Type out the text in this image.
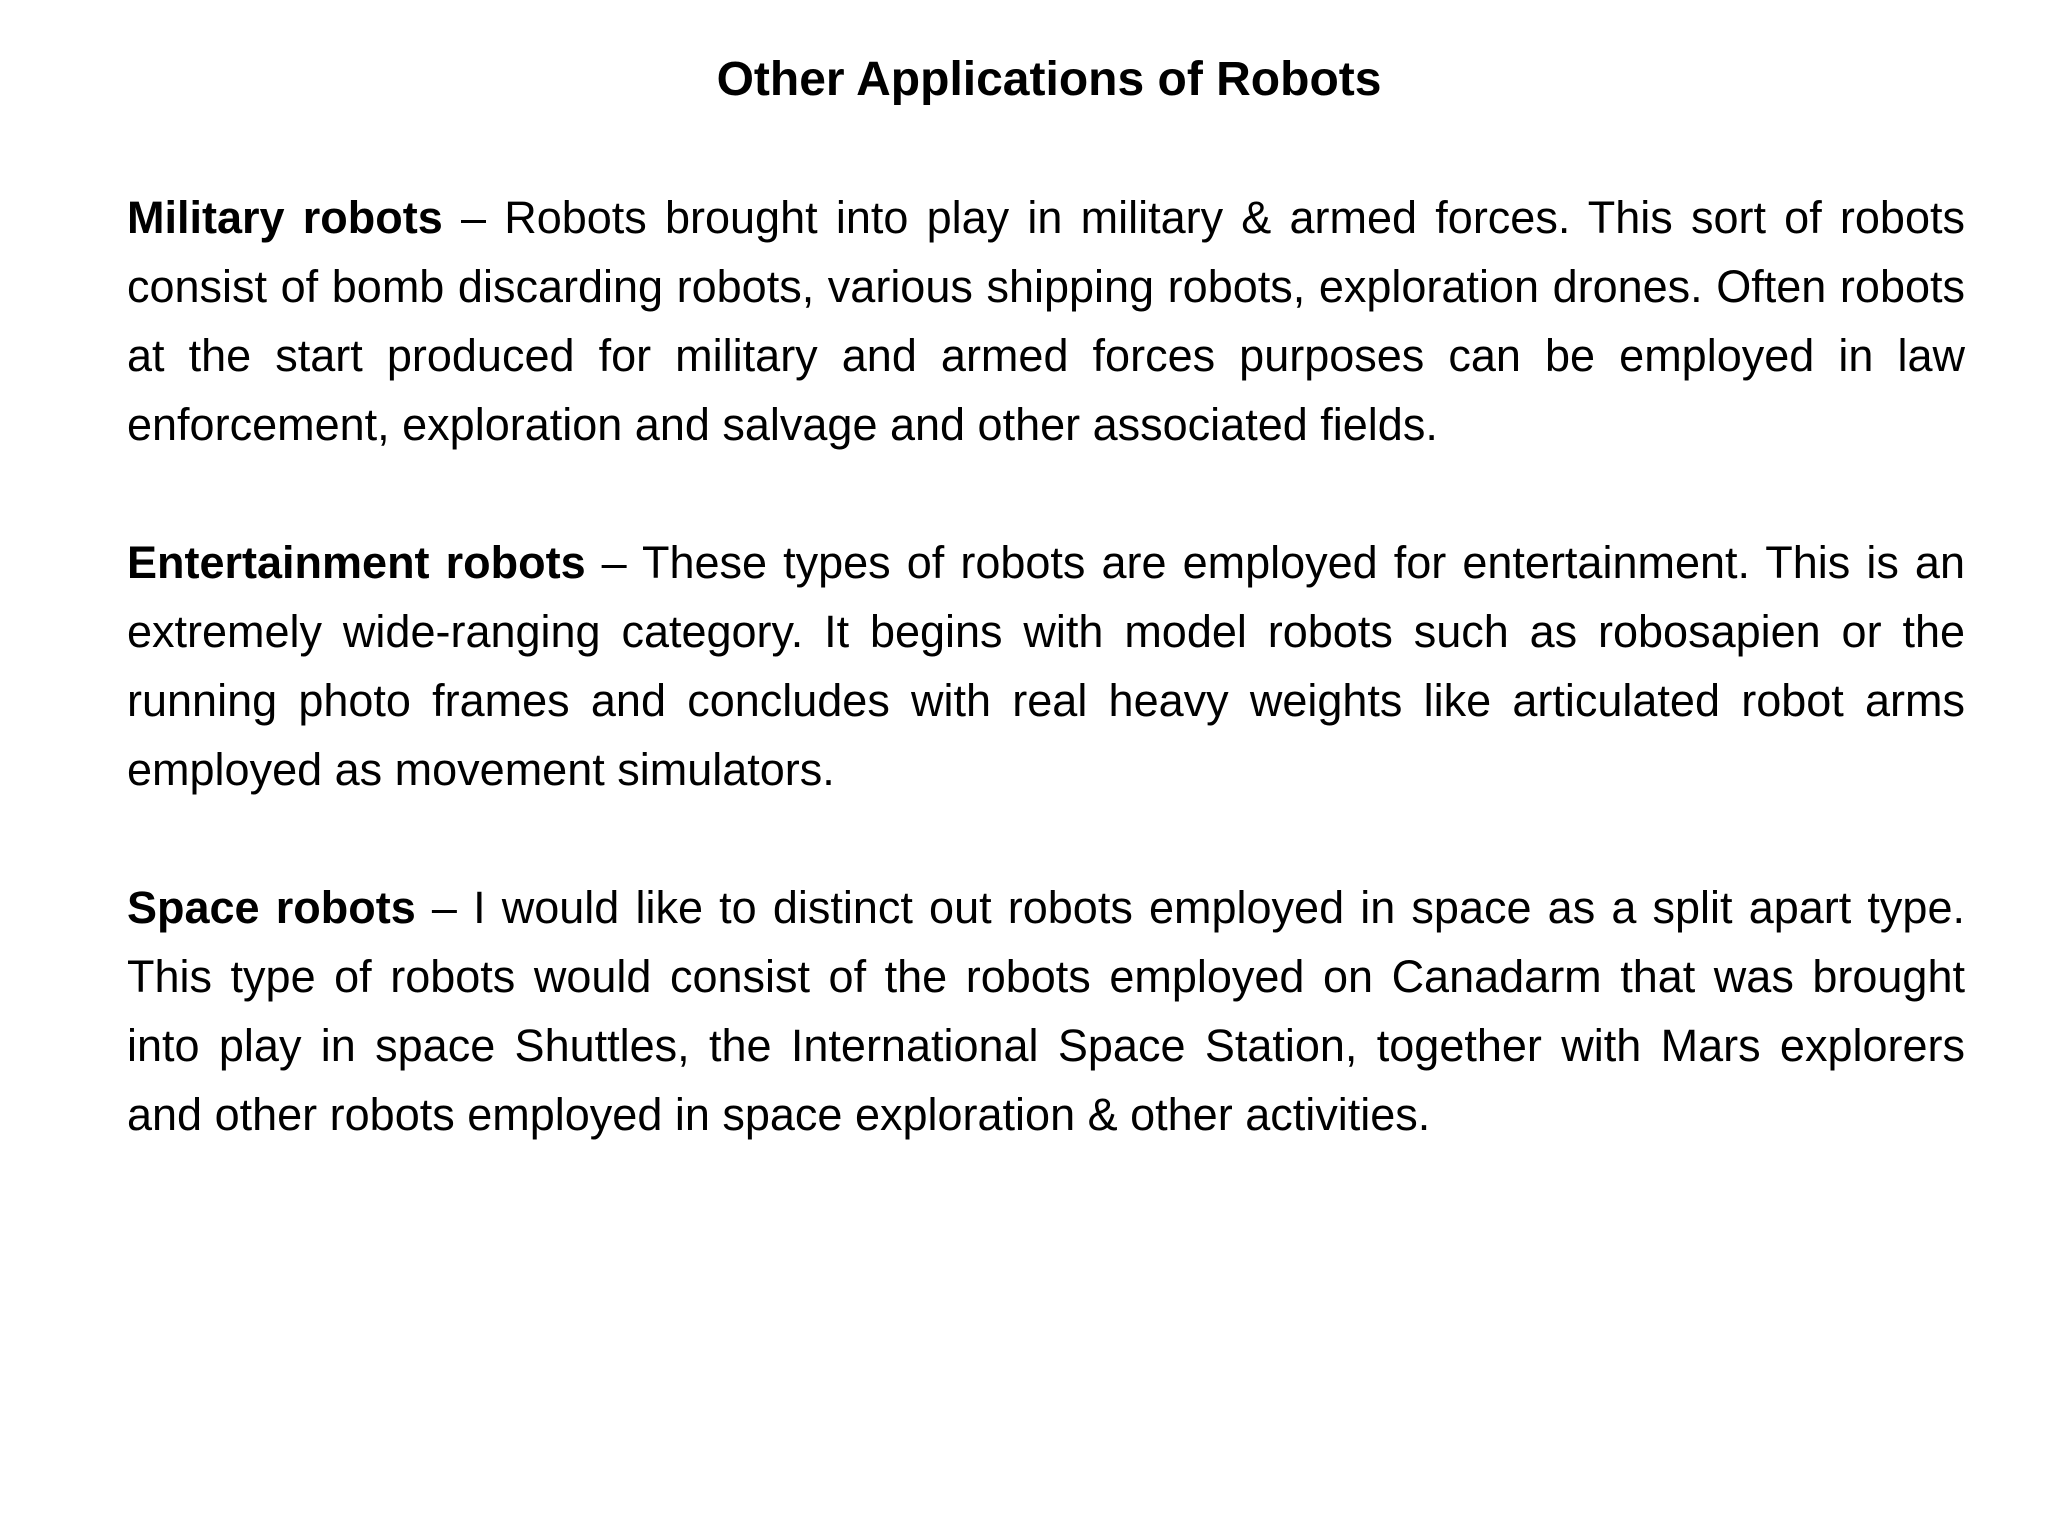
Other Applications of Robots

Military robots – Robots brought into play in military & armed forces. This sort of robots consist of bomb discarding robots, various shipping robots, exploration drones. Often robots at the start produced for military and armed forces purposes can be employed in law enforcement, exploration and salvage and other associated fields.

Entertainment robots – These types of robots are employed for entertainment. This is an extremely wide-ranging category. It begins with model robots such as robosapien or the running photo frames and concludes with real heavy weights like articulated robot arms employed as movement simulators.

Space robots – I would like to distinct out robots employed in space as a split apart type. This type of robots would consist of the robots employed on Canadarm that was brought into play in space Shuttles, the International Space Station, together with Mars explorers and other robots employed in space exploration & other activities.
